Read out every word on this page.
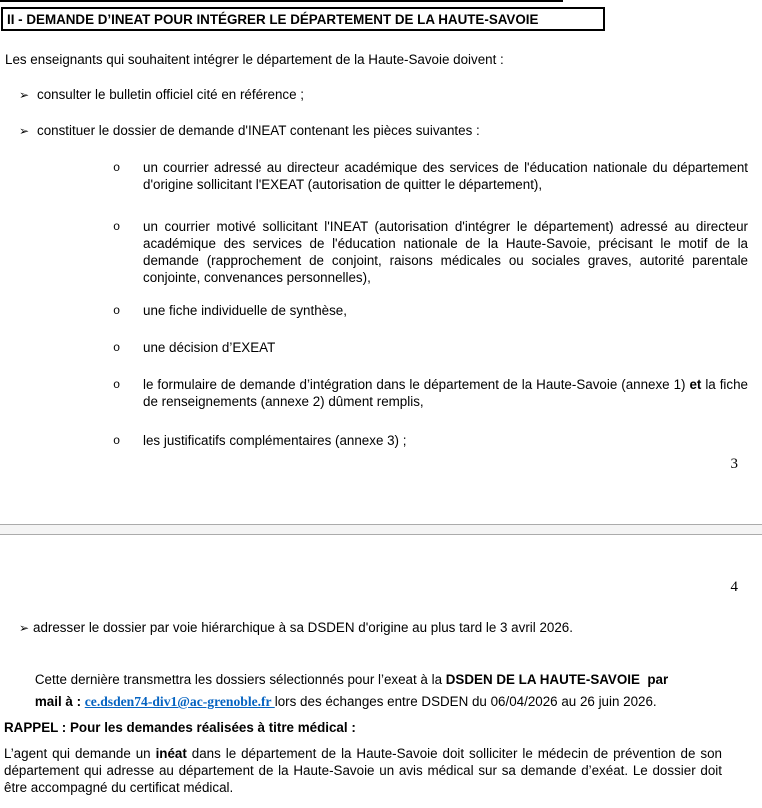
II - DEMANDE D’INEAT POUR INTÉGRER LE DÉPARTEMENT DE LA HAUTE-SAVOIE
Les enseignants qui souhaitent intégrer le département de la Haute-Savoie doivent :
➢ consulter le bulletin officiel cité en référence ;
➢ constituer le dossier de demande d'INEAT contenant les pièces suivantes :
o un courrier adressé au directeur académique des services de l'éducation nationale du département d'origine sollicitant l'EXEAT (autorisation de quitter le département),
o un courrier motivé sollicitant l'INEAT (autorisation d'intégrer le département) adressé au directeur académique des services de l'éducation nationale de la Haute-Savoie, précisant le motif de la demande (rapprochement de conjoint, raisons médicales ou sociales graves, autorité parentale conjointe, convenances personnelles),
o une fiche individuelle de synthèse,
o une décision d’EXEAT
o le formulaire de demande d’intégration dans le département de la Haute-Savoie (annexe 1) et la fiche de renseignements (annexe 2) dûment remplis,
o les justificatifs complémentaires (annexe 3) ;
3
4
➢ adresser le dossier par voie hiérarchique à sa DSDEN d'origine au plus tard le 3 avril 2026.

Cette dernière transmettra les dossiers sélectionnés pour l’exeat à la DSDEN DE LA HAUTE-SAVOIE  par

mail à : ce.dsden74-div1@ac-grenoble.fr lors des échanges entre DSDEN du 06/04/2026 au 26 juin 2026.

RAPPEL : Pour les demandes réalisées à titre médical :
L’agent qui demande un inéat dans le département de la Haute-Savoie doit solliciter le médecin de prévention de son département qui adresse au département de la Haute-Savoie un avis médical sur sa demande d’exéat. Le dossier doit être accompagné du certificat médical.
